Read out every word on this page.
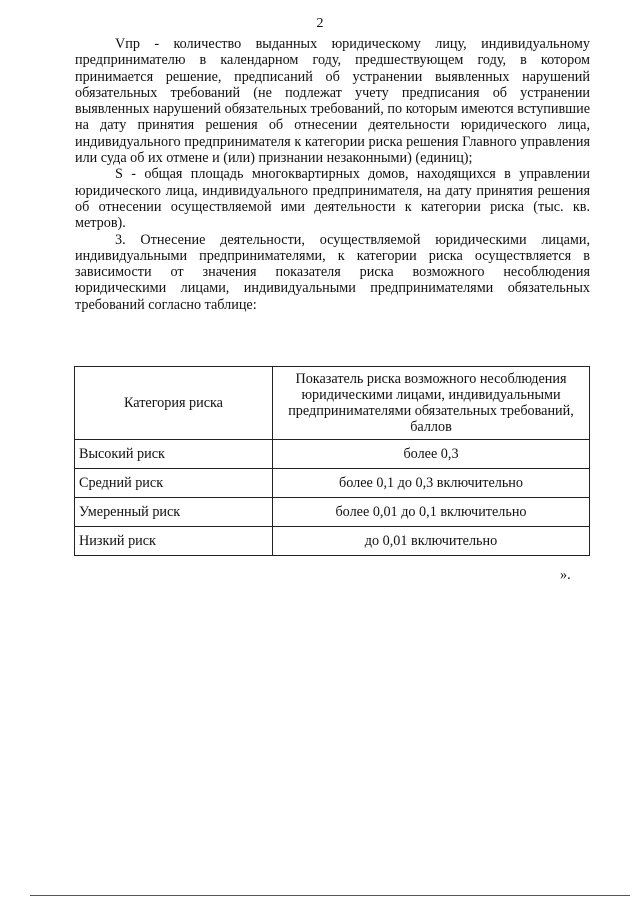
2

Vпр - количество выданных юридическому лицу, индивидуальному предпринимателю в календарном году, предшествующем году, в котором принимается решение, предписаний об устранении выявленных нарушений обязательных требований (не подлежат учету предписания об устранении выявленных нарушений обязательных требований, по которым имеются вступившие на дату принятия решения об отнесении деятельности юридического лица, индивидуального предпринимателя к категории риска решения Главного управления или суда об их отмене и (или) признании незаконными) (единиц);

S - общая площадь многоквартирных домов, находящихся в управлении юридического лица, индивидуального предпринимателя, на дату принятия решения об отнесении осуществляемой ими деятельности к категории риска (тыс. кв. метров).

3. Отнесение деятельности, осуществляемой юридическими лицами, индивидуальными предпринимателями, к категории риска осуществляется в зависимости от значения показателя риска возможного несоблюдения юридическими лицами, индивидуальными предпринимателями обязательных требований согласно таблице:

Категория риска	Показатель риска возможного несоблюдения юридическими лицами, индивидуальными предпринимателями обязательных требований, баллов
Высокий риск	более 0,3
Средний риск	более 0,1 до 0,3 включительно
Умеренный риск	более 0,01 до 0,1 включительно
Низкий риск	до 0,01 включительно
».
